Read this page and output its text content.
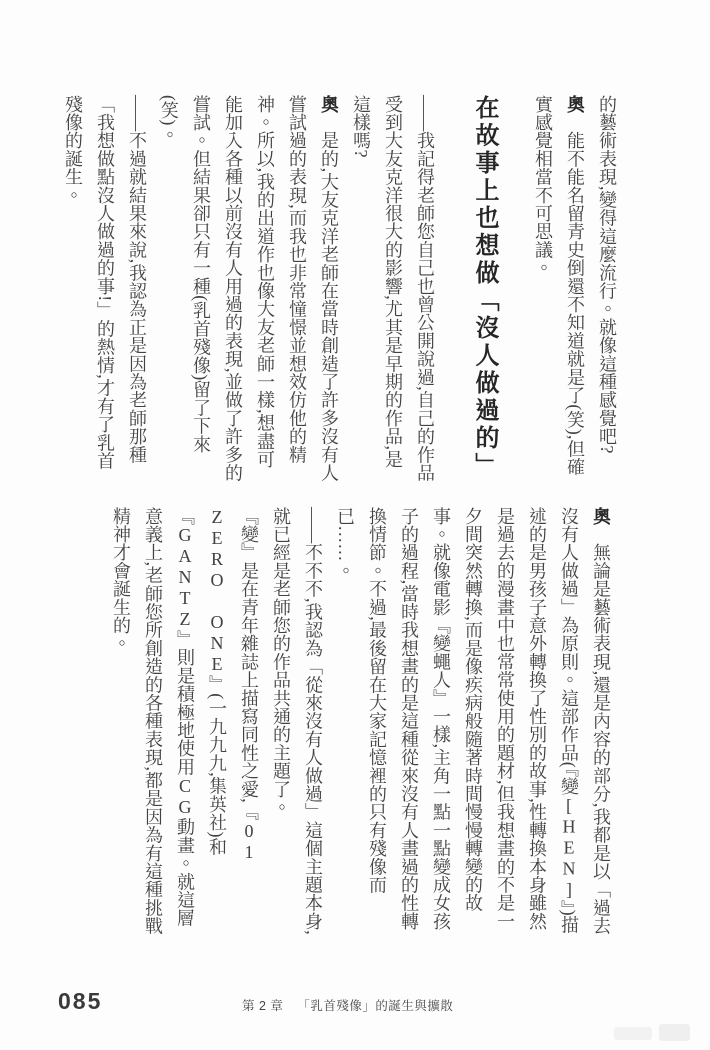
的藝術表現,變得這麼流行。就像這種感覺吧?

奧　能不能名留青史倒還不知道就是了(笑),但確實感覺相當不可思議。

在故事上也想做「沒人做過的」

——我記得老師您自己也曾公開說過,自己的作品受到大友克洋很大的影響,尤其是早期的作品,是這樣嗎?

奧　是的,大友克洋老師在當時創造了許多沒有人嘗試過的表現,而我也非常憧憬並想效仿他的精神。所以,我的出道作也像大友老師一樣,想盡可能加入各種以前沒有人用過的表現,並做了許多的嘗試。但結果卻只有一種(乳首殘像)留了下來(笑)。

——不過就結果來說,我認為正是因為老師那種「我想做點沒人做過的事!」的熱情,才有了乳首殘像的誕生。

奧　無論是藝術表現,還是內容的部分,我都是以「過去沒有人做過」為原則。這部作品(『變[HEN]』)描述的是男孩子意外轉換了性別的故事,性轉換本身雖然是過去的漫畫中也常常使用的題材,但我想畫的不是一夕間突然轉換,而是像疾病般隨著時間慢慢轉變的故事。就像電影『變蠅人』一樣,主角一點一點變成女孩子的過程,當時我想畫的是這種從來沒有人畫過的性轉換情節。不過,最後留在大家記憶裡的只有殘像而已……。

——不不不,我認為「從來沒有人做過」這個主題本身,就已經是老師您的作品共通的主題了。

『變』是在青年雜誌上描寫同性之愛,『01 ZERO ONE』(一九九九,集英社)和『GANTZ』則是積極地使用CG動畫。就這層意義上,老師您所創造的各種表現,都是因為有這種挑戰精神才會誕生的。

085	第 2 章 「乳首殘像」的誕生與擴散
